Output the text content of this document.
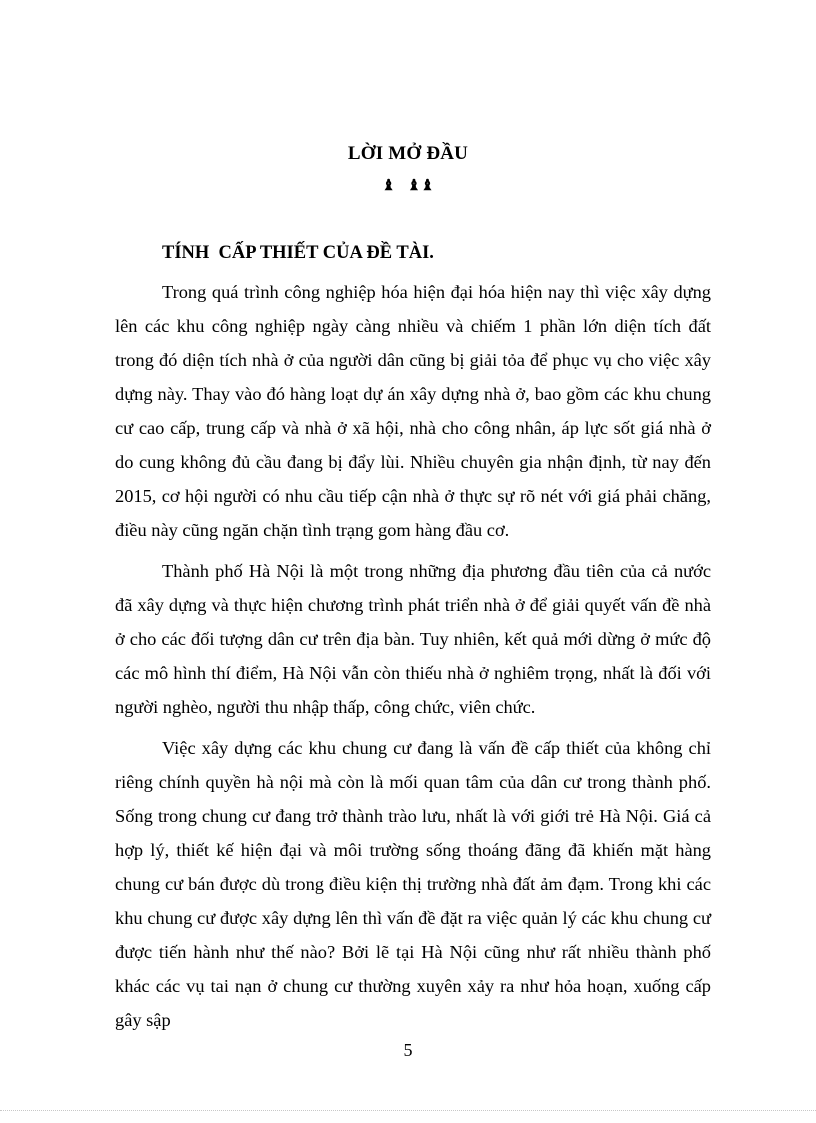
LỜI MỞ ĐẦU
♝ ♝♝
TÍNH  CẤP THIẾT CỦA ĐỀ TÀI.

Trong quá trình công nghiệp hóa hiện đại hóa hiện nay thì việc xây dựng lên các khu công nghiệp ngày càng nhiều và chiếm 1 phần lớn diện tích đất trong đó diện tích nhà ở của người dân cũng bị giải tỏa để phục vụ cho việc xây dựng này. Thay vào đó hàng loạt dự án xây dựng nhà ở, bao gồm các khu chung cư cao cấp, trung cấp và nhà ở xã hội, nhà cho công nhân, áp lực sốt giá nhà ở do cung không đủ cầu đang bị đẩy lùi. Nhiều chuyên gia nhận định, từ nay đến 2015, cơ hội người có nhu cầu tiếp cận nhà ở thực sự rõ nét với giá phải chăng, điều này cũng ngăn chặn tình trạng gom hàng đầu cơ.

Thành phố Hà Nội là một trong những địa phương đầu tiên của cả nước đã xây dựng và thực hiện chương trình phát triển nhà ở để giải quyết vấn đề nhà ở cho các đối tượng dân cư trên địa bàn. Tuy nhiên, kết quả mới dừng ở mức độ các mô hình thí điểm, Hà Nội vẫn còn thiếu nhà ở nghiêm trọng, nhất là đối với người nghèo, người thu nhập thấp, công chức, viên chức.

Việc xây dựng các khu chung cư đang là vấn đề cấp thiết của không chỉ riêng chính quyền hà nội mà còn là mối quan tâm của dân cư trong thành phố. Sống trong chung cư đang trở thành trào lưu, nhất là với giới trẻ Hà Nội. Giá cả hợp lý, thiết kế hiện đại và môi trường sống thoáng đãng đã khiến mặt hàng chung cư bán được dù trong điều kiện thị trường nhà đất ảm đạm. Trong khi các khu chung cư được xây dựng lên thì vấn đề đặt ra việc quản lý các khu chung cư được tiến hành như thế nào? Bởi lẽ tại Hà Nội cũng như rất nhiều thành phố khác các vụ tai nạn ở chung cư thường xuyên xảy ra như hỏa hoạn, xuống cấp gây sập

5
